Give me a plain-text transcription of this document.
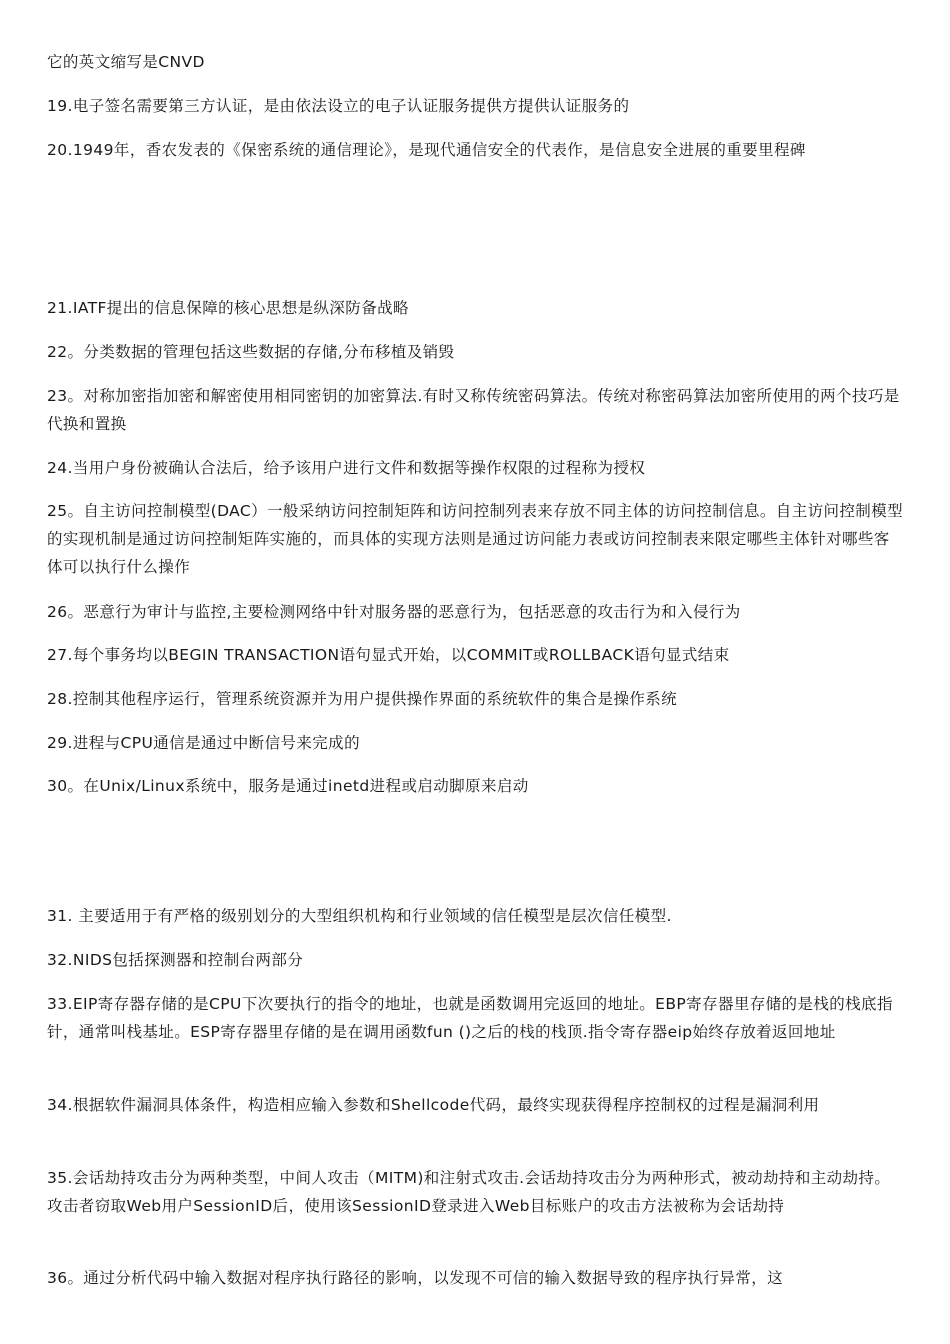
它的英文缩写是CNVD

19.电子签名需要第三方认证，是由依法设立的电子认证服务提供方提供认证服务的

20.1949年，香农发表的《保密系统的通信理论》，是现代通信安全的代表作，是信息安全进展的重要里程碑

21.IATF提出的信息保障的核心思想是纵深防备战略

22。分类数据的管理包括这些数据的存储,分布移植及销毁

23。对称加密指加密和解密使用相同密钥的加密算法.有时又称传统密码算法。传统对称密码算法加密所使用的两个技巧是代换和置换

24.当用户身份被确认合法后，给予该用户进行文件和数据等操作权限的过程称为授权

25。自主访问控制模型(DAC）一般采纳访问控制矩阵和访问控制列表来存放不同主体的访问控制信息。自主访问控制模型的实现机制是通过访问控制矩阵实施的，而具体的实现方法则是通过访问能力表或访问控制表来限定哪些主体针对哪些客体可以执行什么操作

26。恶意行为审计与监控,主要检测网络中针对服务器的恶意行为，包括恶意的攻击行为和入侵行为

27.每个事务均以BEGIN TRANSACTION语句显式开始，以COMMIT或ROLLBACK语句显式结束

28.控制其他程序运行，管理系统资源并为用户提供操作界面的系统软件的集合是操作系统

29.进程与CPU通信是通过中断信号来完成的

30。在Unix/Linux系统中，服务是通过inetd进程或启动脚原来启动

31. 主要适用于有严格的级别划分的大型组织机构和行业领域的信任模型是层次信任模型.

32.NIDS包括探测器和控制台两部分

33.EIP寄存器存储的是CPU下次要执行的指令的地址，也就是函数调用完返回的地址。EBP寄存器里存储的是栈的栈底指针，通常叫栈基址。ESP寄存器里存储的是在调用函数fun ()之后的栈的栈顶.指令寄存器eip始终存放着返回地址

34.根据软件漏洞具体条件，构造相应输入参数和Shellcode代码，最终实现获得程序控制权的过程是漏洞利用

35.会话劫持攻击分为两种类型，中间人攻击（MITM)和注射式攻击.会话劫持攻击分为两种形式，被动劫持和主动劫持。攻击者窃取Web用户SessionID后，使用该SessionID登录进入Web目标账户的攻击方法被称为会话劫持

36。通过分析代码中输入数据对程序执行路径的影响，以发现不可信的输入数据导致的程序执行异常，这
